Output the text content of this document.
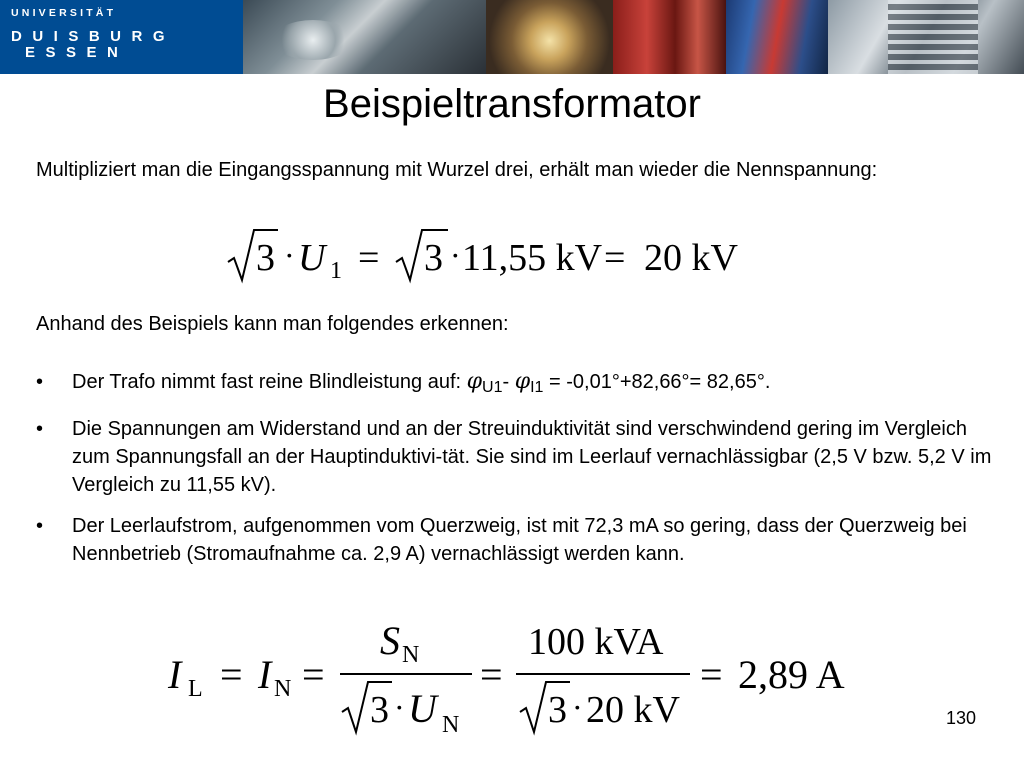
UNIVERSITÄT
DUISBURG
ESSEN
Beispieltransformator
Multipliziert man die Eingangsspannung mit Wurzel drei, erhält man wieder die Nennspannung:
3 · U 1 = 3 · 11,55 kV = 20 kV
Anhand des Beispiels kann man folgendes erkennen:
•	Der Trafo nimmt fast reine Blindleistung auf: $\varphi_{U1}-$ $\varphi_{I1} = -0,01^\circ+82,66^\circ= 82,65^\circ$.
•	Die Spannungen am Widerstand und an der Streuinduktivität sind verschwindend gering im Vergleich zum Spannungsfall an der Hauptinduktivi-tät. Sie sind im Leerlauf vernachlässigbar (2,5 V bzw. 5,2 V im Vergleich zu 11,55 kV).
•	Der Leerlaufstrom, aufgenommen vom Querzweig, ist mit 72,3 mA so gering, dass der Querzweig bei Nennbetrieb (Stromaufnahme ca. 2,9 A) vernachlässigt werden kann.
I L = I N =
S N
3 · U N
=
100 kVA
3 · 20 kV
= 2,89 A
130
